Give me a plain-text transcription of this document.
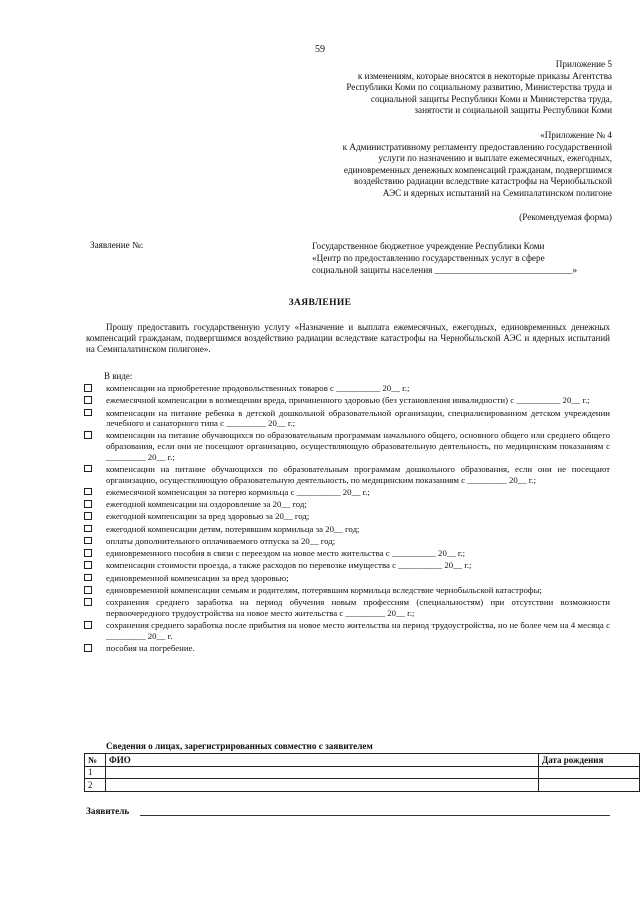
59
Приложение 5
к изменениям, которые вносятся в некоторые приказы Агентства
Республики Коми по социальному развитию, Министерства труда и
социальной защиты Республики Коми и Министерства труда,
занятости и социальной защиты Республики Коми
«Приложение № 4
к Административному регламенту предоставлению государственной
услуги по назначению и выплате ежемесячных, ежегодных,
единовременных денежных компенсаций гражданам, подвергшимся
воздействию радиации вследствие катастрофы на Чернобыльской
АЭС и ядерных испытаний на Семипалатинском полигоне
(Рекомендуемая форма)
Заявление №:	Государственное бюджетное учреждение Республики Коми
«Центр по предоставлению государственных услуг в сфере
социальной защиты населения ______________________________»
ЗАЯВЛЕНИЕ
Прошу предоставить государственную услугу «Назначение и выплата ежемесячных, ежегодных, единовременных денежных компенсаций гражданам, подвергшимся воздействию радиации вследствие катастрофы на Чернобыльской АЭС и ядерных испытаний на Семипалатинском полигоне».
В виде:
компенсации на приобретение продовольственных товаров с __________ 20__ г.;
ежемесячной компенсации в возмещении вреда, причиненного здоровью (без установления инвалидности) с __________ 20__ г.;
компенсации на питание ребенка в детской дошкольной образовательной организации, специализированном детском учреждении лечебного и санаторного типа с _________ 20__ г.;
компенсации на питание обучающихся по образовательным программам начального общего, основного общего или среднего общего образования, если они не посещают организацию, осуществляющую образовательную деятельность, по медицинским показаниям с _________ 20__ г.;
компенсации на питание обучающихся по образовательным программам дошкольного образования, если они не посещают организацию, осуществляющую образовательную деятельность, по медицинским показаниям с _________ 20__ г.;
ежемесячной компенсации за потерю кормильца с __________ 20__ г.;
ежегодной компенсации на оздоровление за 20__ год;
ежегодной компенсации за вред здоровью за 20__ год;
ежегодной компенсации детям, потерявшим кормильца за 20__ год;
оплаты дополнительного оплачиваемого отпуска за 20__ год;
единовременного пособия в связи с переездом на новое место жительства с __________ 20__ г.;
компенсации стоимости проезда, а также расходов по перевозке имущества с __________ 20__ г.;
единовременной компенсации за вред здоровью;
единовременной компенсации семьям и родителям, потерявшим кормильца вследствие чернобыльской катастрофы;
сохранения среднего заработка на период обучения новым профессиям (специальностям) при отсутствии возможности первоочередного трудоустройства на новое место жительства с _________ 20__ г.;
сохранения среднего заработка после прибытия на новое место жительства на период трудоустройства, но не более чем на 4 месяца с _________ 20__ г.
пособия на погребение.
Сведения о лицах, зарегистрированных совместно с заявителем
№	ФИО	Дата рождения
1		
2		
Заявитель
